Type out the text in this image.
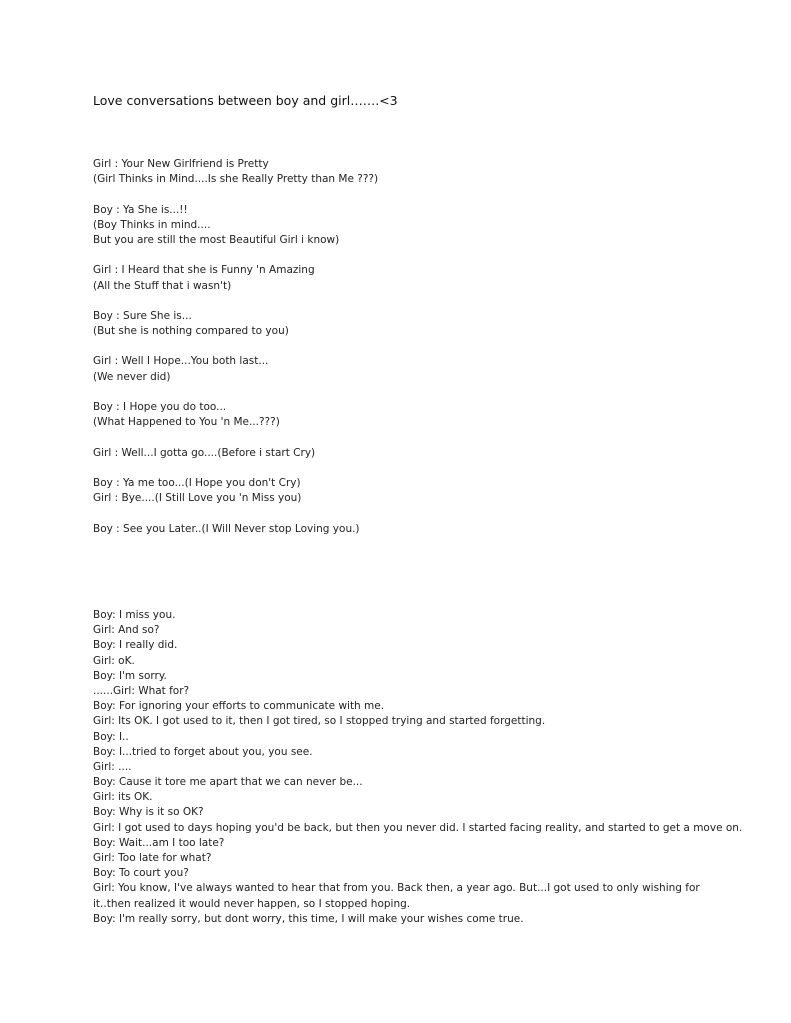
Love conversations between boy and girl…….<3
Girl : Your New Girlfriend is Pretty
(Girl Thinks in Mind....Is she Really Pretty than Me ???)
Boy : Ya She is...!!
(Boy Thinks in mind....
But you are still the most Beautiful Girl i know)
Girl : I Heard that she is Funny 'n Amazing
(All the Stuff that i wasn't)
Boy : Sure She is...
(But she is nothing compared to you)
Girl : Well I Hope...You both last...
(We never did)
Boy : I Hope you do too...
(What Happened to You 'n Me...???)
Girl : Well...I gotta go....(Before i start Cry)
Boy : Ya me too...(I Hope you don't Cry)
Girl : Bye....(I Still Love you 'n Miss you)
Boy : See you Later..(I Will Never stop Loving you.)
Boy: I miss you.
Girl: And so?
Boy: I really did.
Girl: oK.
Boy: I'm sorry.
......Girl: What for?
Boy: For ignoring your efforts to communicate with me.
Girl: Its OK. I got used to it, then I got tired, so I stopped trying and started forgetting.
Boy: I..
Boy: I...tried to forget about you, you see.
Girl: ....
Boy: Cause it tore me apart that we can never be...
Girl: its OK.
Boy: Why is it so OK?
Girl: I got used to days hoping you'd be back, but then you never did. I started facing reality, and started to get a move on.
Boy: Wait...am I too late?
Girl: Too late for what?
Boy: To court you?
Girl: You know, I've always wanted to hear that from you. Back then, a year ago. But...I got used to only wishing for
it..then realized it would never happen, so I stopped hoping.
Boy: I'm really sorry, but dont worry, this time, I will make your wishes come true.
